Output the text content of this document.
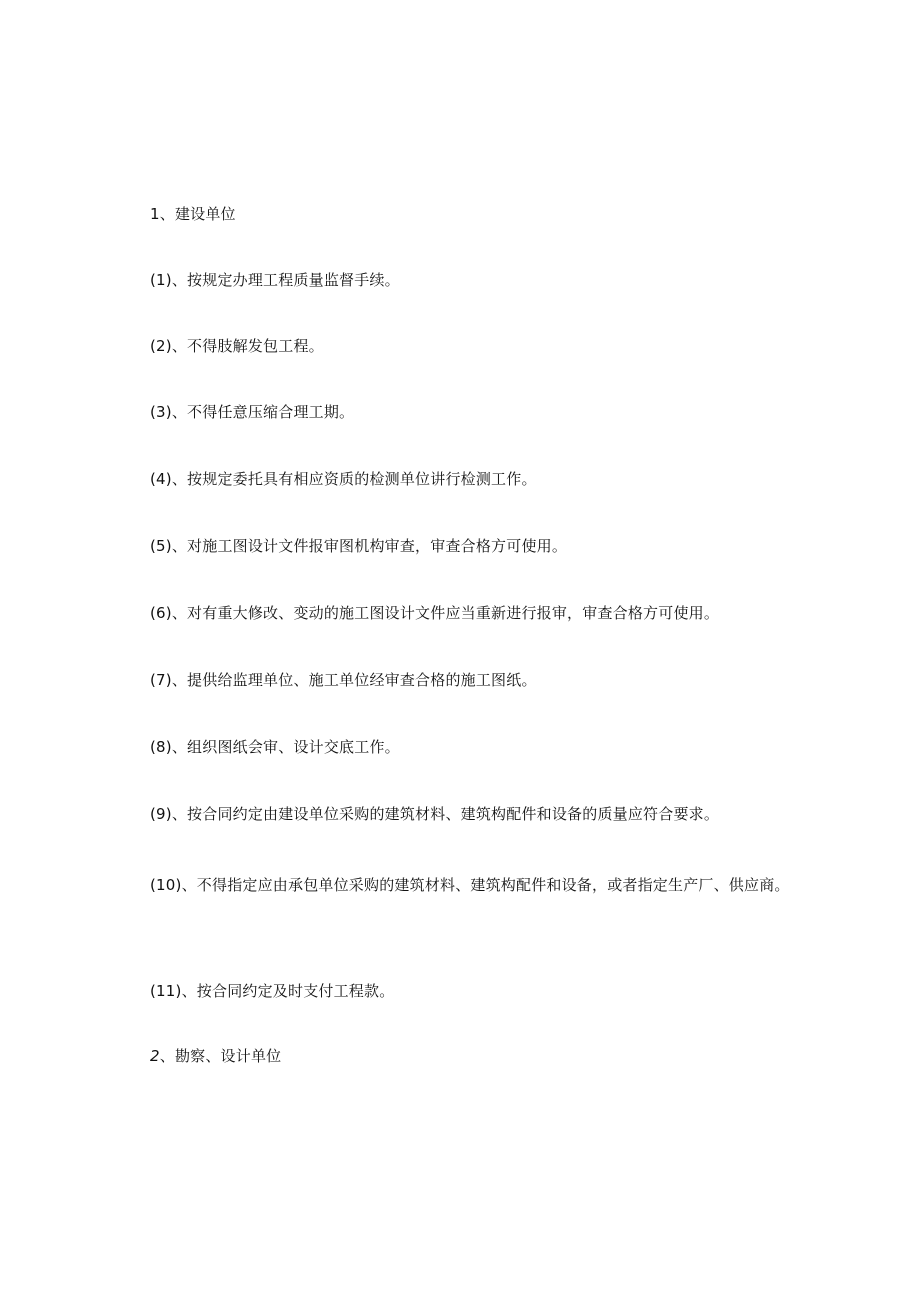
1、建设单位
(1)、按规定办理工程质量监督手续。
(2)、不得肢解发包工程。
(3)、不得任意压缩合理工期。
(4)、按规定委托具有相应资质的检测单位讲行检测工作。
(5)、对施工图设计文件报审图机构审查，审查合格方可使用。
(6)、对有重大修改、变动的施工图设计文件应当重新进行报审，审查合格方可使用。
(7)、提供给监理单位、施工单位经审查合格的施工图纸。
(8)、组织图纸会审、设计交底工作。
(9)、按合同约定由建设单位采购的建筑材料、建筑构配件和设备的质量应符合要求。
(10)、不得指定应由承包单位采购的建筑材料、建筑构配件和设备，或者指定生产厂、供应商。
(11)、按合同约定及时支付工程款。
2、勘察、设计单位
